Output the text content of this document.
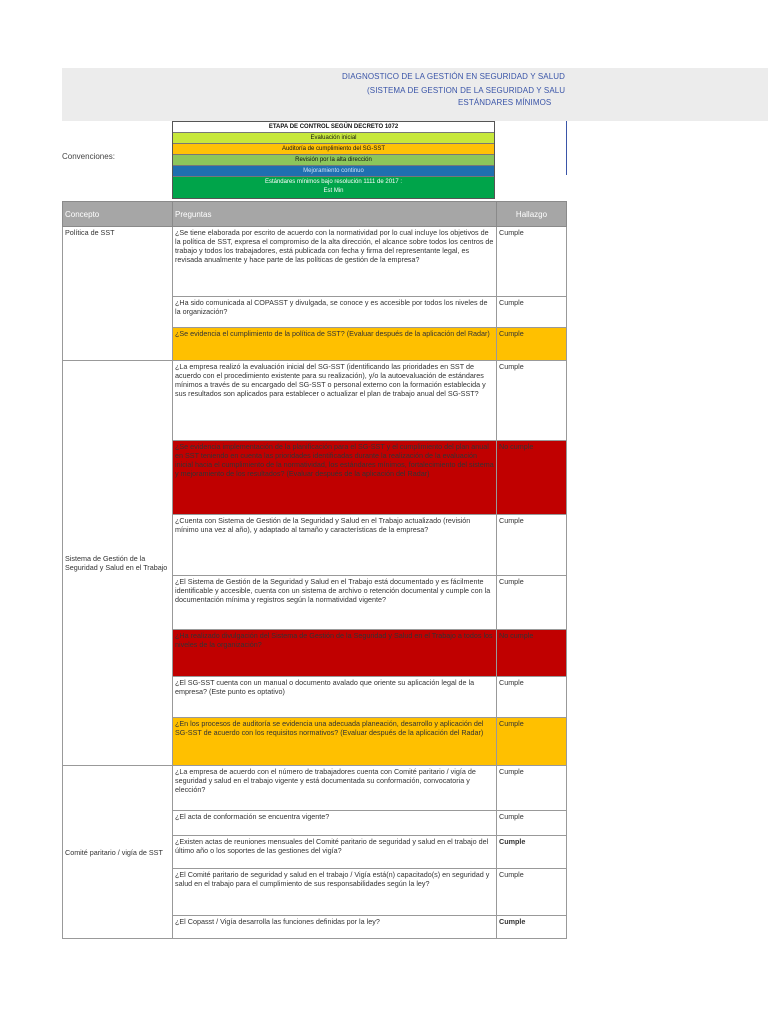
DIAGNOSTICO DE LA GESTIÓN EN SEGURIDAD Y SALUD
(SISTEMA DE GESTION DE LA SEGURIDAD Y SALU
ESTÁNDARES MÍNIMOS
Convenciones:
ETAPA DE CONTROL SEGÚN DECRETO 1072
Evaluación inicial
Auditoría de cumplimiento del SG-SST
Revisión por la alta dirección
Mejoramiento continuo
Estándares mínimos bajo resolución 1111 de 2017 :
Est Min
Concepto	Preguntas	Hallazgo
Política de SST	¿Se tiene elaborada por escrito de acuerdo con la normatividad por lo cual incluye los objetivos de la política de SST, expresa el compromiso de la alta dirección, el alcance sobre todos los centros de trabajo y todos los trabajadores, está publicada con fecha y firma del representante legal, es revisada anualmente y hace parte de las políticas de gestión de la empresa?	Cumple
	¿Ha sido comunicada al COPASST y divulgada, se conoce y es accesible por todos los niveles de la organización?	Cumple
	¿Se evidencia el cumplimiento de la política de SST? (Evaluar después de la aplicación del Radar)	Cumple
Sistema de Gestión de la Seguridad y Salud en el Trabajo	¿La empresa realizó la evaluación inicial del SG-SST (identificando las prioridades en SST de acuerdo con el procedimiento existente para su realización), y/o la autoevaluación de estándares mínimos a través de su encargado del SG-SST o personal externo con la formación establecida y sus resultados son aplicados para establecer o actualizar el plan de trabajo anual del SG-SST?	Cumple
	¿Se evidencia implementación de la planificación para el SG-SST y el cumplimiento del plan anual en SST teniendo en cuenta las prioridades identificadas durante la realización de la evaluación inicial hacia el cumplimiento de la normatividad, los estándares mínimos, fortalecimiento del sistema y mejoramiento de los resultados? (Evaluar después de la aplicación del Radar)	No cumple
	¿Cuenta con Sistema de Gestión de la Seguridad y Salud en el Trabajo actualizado (revisión mínimo una vez al año), y adaptado al tamaño y características de la empresa?	Cumple
	¿El Sistema de Gestión de la Seguridad y Salud en el Trabajo está documentado y es fácilmente identificable y accesible, cuenta con un sistema de archivo o retención documental y cumple con la documentación mínima y registros según la normatividad vigente?	Cumple
	¿Ha realizado divulgación del Sistema de Gestión de la Seguridad y Salud en el Trabajo a todos los niveles de la organización?	No cumple
	¿El SG-SST cuenta con un manual o documento avalado que oriente su aplicación legal de la empresa? (Este punto es optativo)	Cumple
	¿En los procesos de auditoría se evidencia una adecuada planeación, desarrollo y aplicación del SG-SST de acuerdo con los requisitos normativos? (Evaluar después de la aplicación del Radar)	Cumple
Comité paritario / vigía de SST	¿La empresa de acuerdo con el número de trabajadores cuenta con Comité paritario / vigía de seguridad y salud en el trabajo vigente y está documentada su conformación, convocatoria y elección?	Cumple
	¿El acta de conformación se encuentra vigente?	Cumple
	¿Existen actas de reuniones mensuales del Comité paritario de seguridad y salud en el trabajo del último año o los soportes de las gestiones del vigía?	Cumple
	¿El Comité paritario de seguridad y salud en el trabajo / Vigía está(n) capacitado(s) en seguridad y salud en el trabajo para el cumplimiento de sus responsabilidades según la ley?	Cumple
	¿El Copasst / Vigía desarrolla las funciones definidas por la ley?	Cumple
